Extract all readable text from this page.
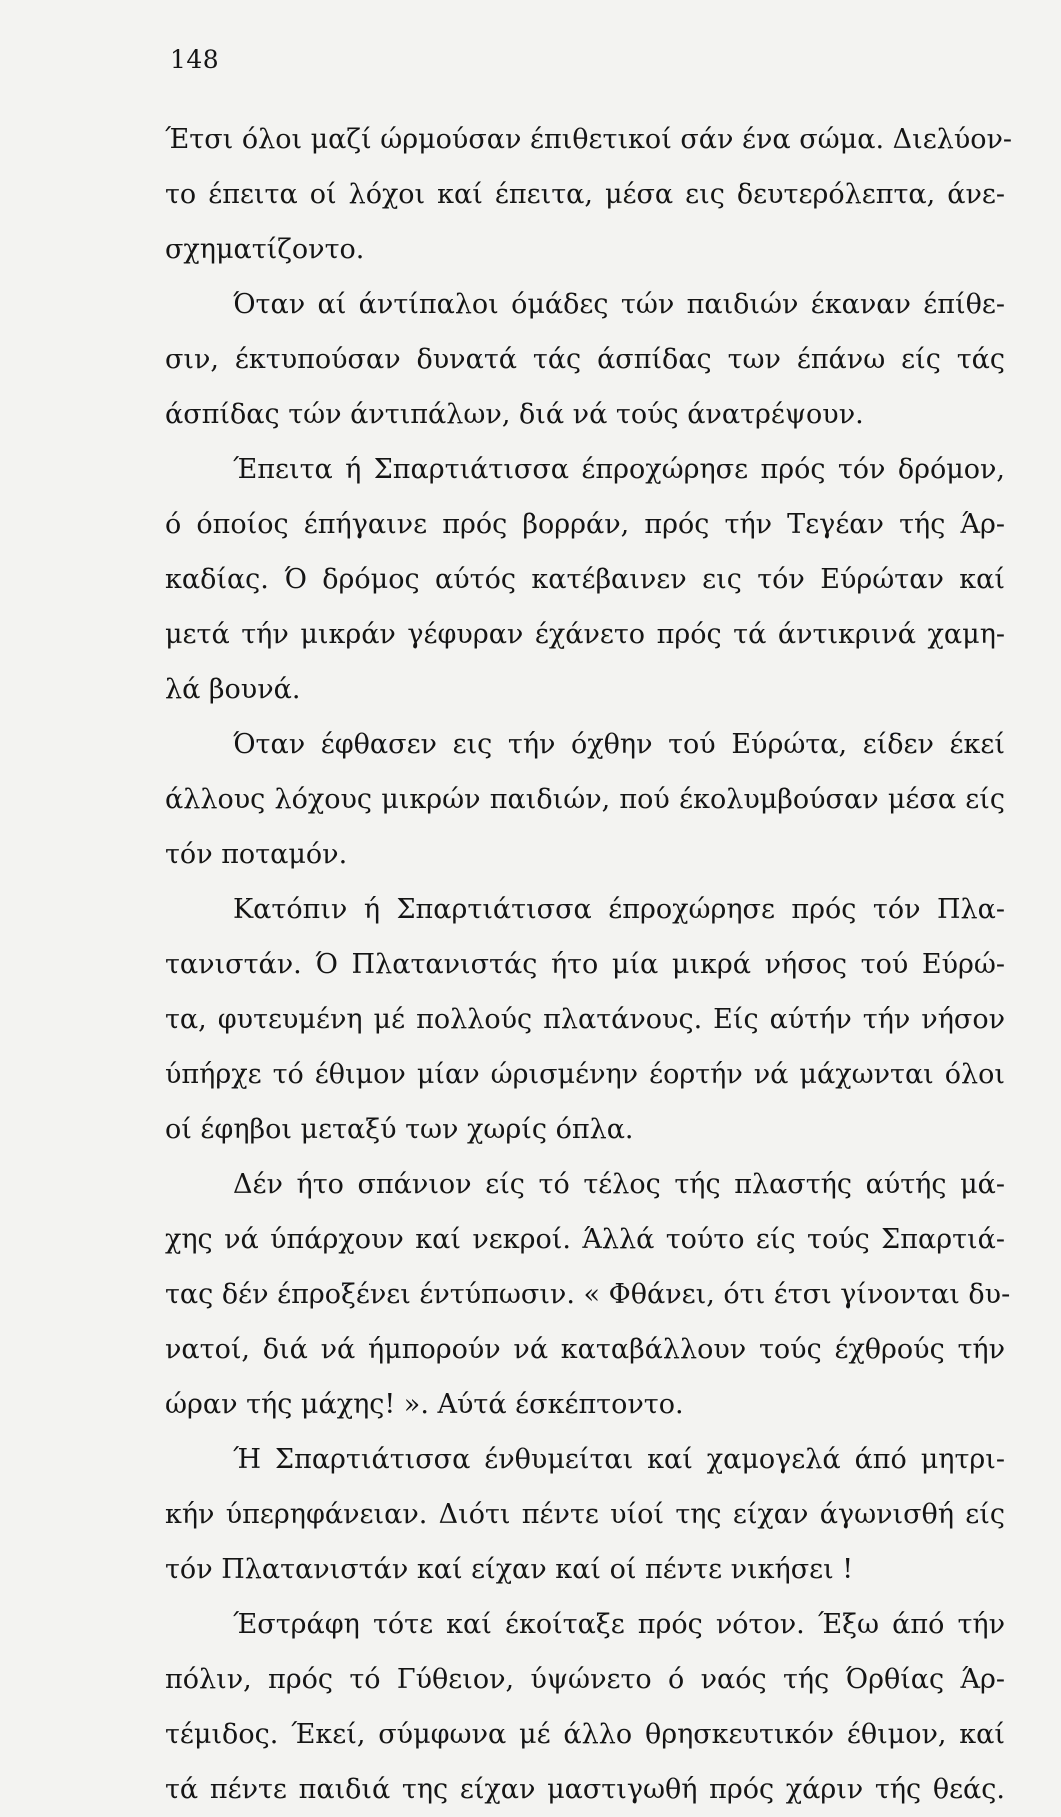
148
Έτσι όλοι μαζί ώρμούσαν έπιθετικοί σάν ένα σώμα. Διελύον-
το έπειτα οί λόχοι καί έπειτα, μέσα εις δευτερόλεπτα, άνε-
σχηματίζοντο.
Όταν αί άντίπαλοι όμάδες τών παιδιών έκαναν έπίθε-
σιν, έκτυπούσαν δυνατά τάς άσπίδας των έπάνω είς τάς
άσπίδας τών άντιπάλων, διά νά τούς άνατρέψουν.
Έπειτα ή Σπαρτιάτισσα έπροχώρησε πρός τόν δρόμον,
ό όποίος έπήγαινε πρός βορράν, πρός τήν Τεγέαν τής Άρ-
καδίας. Ό δρόμος αύτός κατέβαινεν εις τόν Εύρώταν καί
μετά τήν μικράν γέφυραν έχάνετο πρός τά άντικρινά χαμη-
λά βουνά.
Όταν έφθασεν εις τήν όχθην τού Εύρώτα, είδεν έκεί
άλλους λόχους μικρών παιδιών, πού έκολυμβούσαν μέσα είς
τόν ποταμόν.
Κατόπιν ή Σπαρτιάτισσα έπροχώρησε πρός τόν Πλα-
τανιστάν. Ό Πλατανιστάς ήτο μία μικρά νήσος τού Εύρώ-
τα, φυτευμένη μέ πολλούς πλατάνους. Είς αύτήν τήν νήσον
ύπήρχε τό έθιμον μίαν ώρισμένην έορτήν νά μάχωνται όλοι
οί έφηβοι μεταξύ των χωρίς όπλα.
Δέν ήτο σπάνιον είς τό τέλος τής πλαστής αύτής μά-
χης νά ύπάρχουν καί νεκροί. Άλλά τούτο είς τούς Σπαρτιά-
τας δέν έπροξένει έντύπωσιν. « Φθάνει, ότι έτσι γίνονται δυ-
νατοί, διά νά ήμπορούν νά καταβάλλουν τούς έχθρούς τήν
ώραν τής μάχης! ». Αύτά έσκέπτοντο.
Ή Σπαρτιάτισσα ένθυμείται καί χαμογελά άπό μητρι-
κήν ύπερηφάνειαν. Διότι πέντε υίοί της είχαν άγωνισθή είς
τόν Πλατανιστάν καί είχαν καί οί πέντε νικήσει !
Έστράφη τότε καί έκοίταξε πρός νότον. Έξω άπό τήν
πόλιν, πρός τό Γύθειον, ύψώνετο ό ναός τής Όρθίας Άρ-
τέμιδος. Έκεί, σύμφωνα μέ άλλο θρησκευτικόν έθιμον, καί
τά πέντε παιδιά της είχαν μαστιγωθή πρός χάριν τής θεάς.
